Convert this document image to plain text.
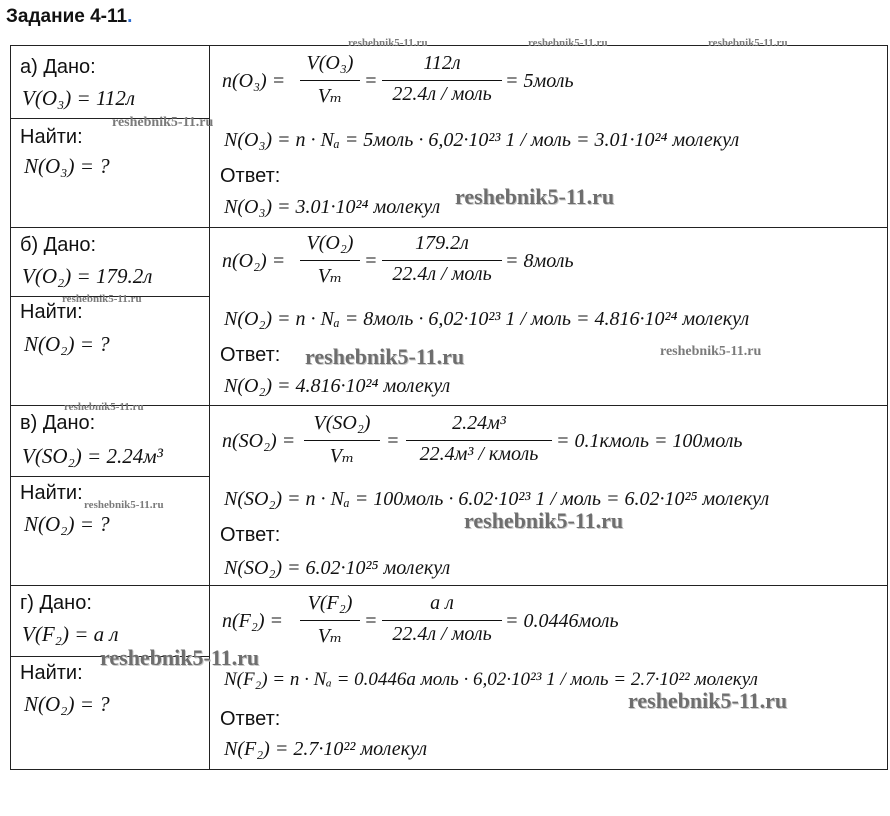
Задание 4-11.
а) Дано:
V(O₃) = 112л
Найти:
N(O₃) = ?
n(O₃) =
V(O₃)
Vₘ
=
112л
22.4л / моль
= 5моль
N(O₃) = n · Nₐ = 5моль · 6,02·10²³ 1 / моль = 3.01·10²⁴ молекул
Ответ:
N(O₃) = 3.01·10²⁴ молекул
б) Дано:
V(O₂) = 179.2л
Найти:
N(O₂) = ?
n(O₂) =
V(O₂)
Vₘ
=
179.2л
22.4л / моль
= 8моль
N(O₂) = n · Nₐ = 8моль · 6,02·10²³ 1 / моль = 4.816·10²⁴ молекул
Ответ:
N(O₂) = 4.816·10²⁴ молекул
в) Дано:
V(SO₂) = 2.24м³
Найти:
N(O₂) = ?
n(SO₂) =
V(SO₂)
Vₘ
=
2.24м³
22.4м³ / кмоль
= 0.1кмоль = 100моль
N(SO₂) = n · Nₐ = 100моль · 6.02·10²³ 1 / моль = 6.02·10²⁵ молекул
Ответ:
N(SO₂) = 6.02·10²⁵ молекул
г) Дано:
V(F₂) = a л
Найти:
N(O₂) = ?
n(F₂) =
V(F₂)
Vₘ
=
a л
22.4л / моль
= 0.0446моль
N(F₂) = n · Nₐ = 0.0446a моль · 6,02·10²³ 1 / моль = 2.7·10²² молекул
Ответ:
N(F₂) = 2.7·10²² молекул
reshebnik5-11.ru	reshebnik5-11.ru	reshebnik5-11.ru
reshebnik5-11.ru
reshebnik5-11.ru
reshebnik5-11.ru
reshebnik5-11.ru	reshebnik5-11.ru
reshebnik5-11.ru
reshebnik5-11.ru
reshebnik5-11.ru
reshebnik5-11.ru
reshebnik5-11.ru
